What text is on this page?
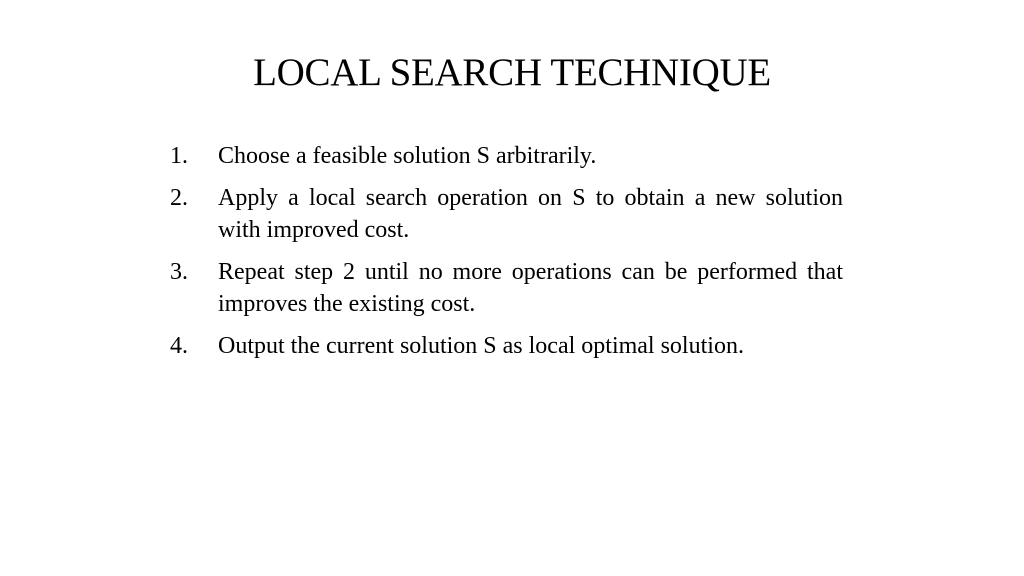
LOCAL SEARCH TECHNIQUE
1. Choose a feasible solution S arbitrarily.
2. Apply a local search operation on S to obtain a new solution with improved cost.
3. Repeat step 2 until no more operations can be performed that improves the existing cost.
4. Output the current solution S as local optimal solution.
